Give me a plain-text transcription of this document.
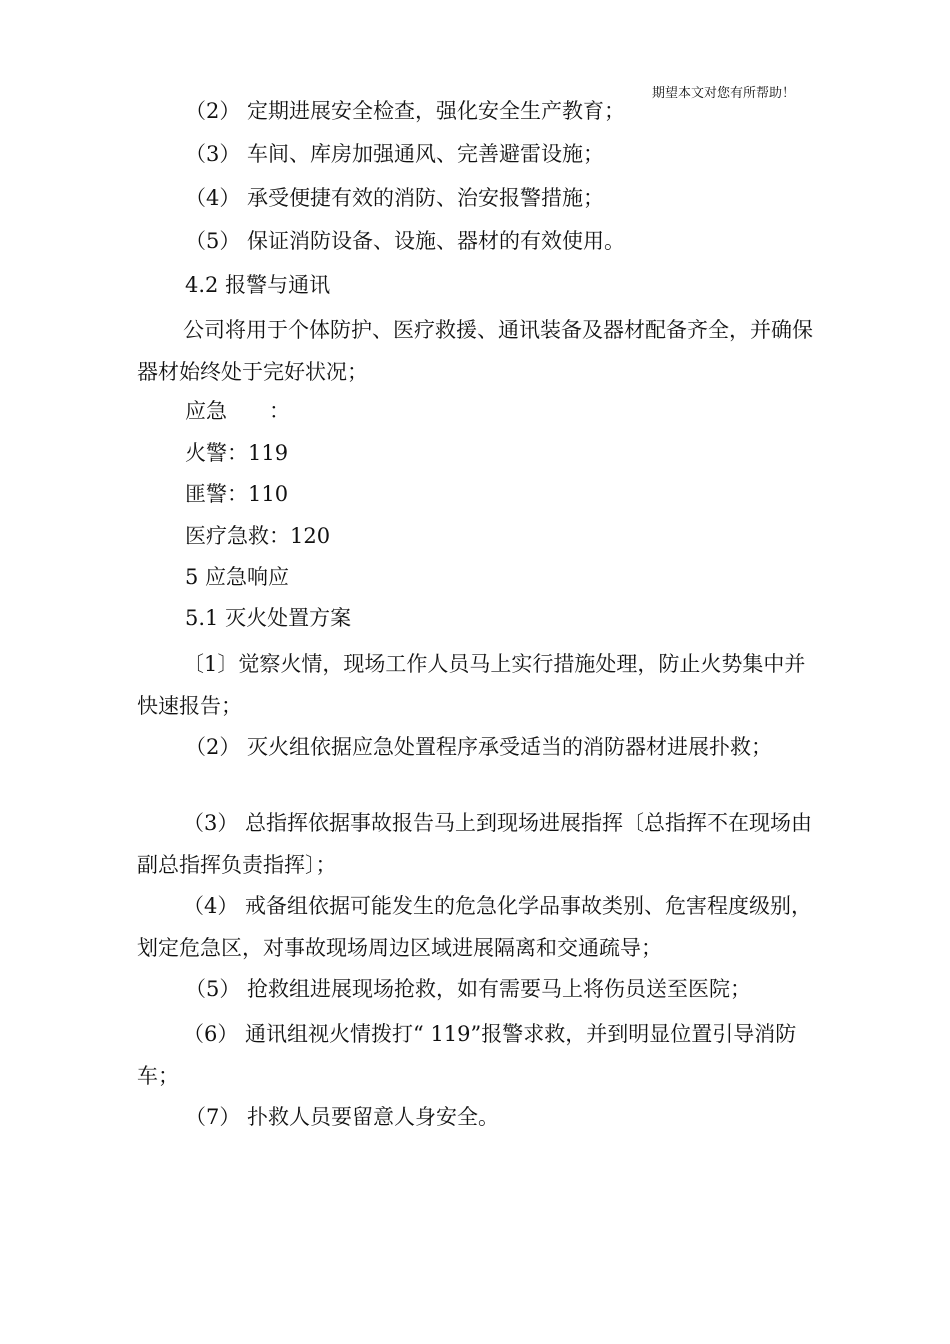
期望本文对您有所帮助！
（2） 定期进展安全检查，强化安全生产教育；
（3） 车间、库房加强通风、完善避雷设施；
（4） 承受便捷有效的消防、治安报警措施；
（5） 保证消防设备、设施、器材的有效使用。
4.2 报警与通讯
公司将用于个体防护、医疗救援、通讯装备及器材配备齐全，并确保器材始终处于完好状况；
应急　　：
火警：119
匪警：110
医疗急救：120
5 应急响应
5.1 灭火处置方案
〔1〕觉察火情，现场工作人员马上实行措施处理，防止火势集中并快速报告；
（2） 灭火组依据应急处置程序承受适当的消防器材进展扑救；
（3） 总指挥依据事故报告马上到现场进展指挥〔总指挥不在现场由副总指挥负责指挥〕；
（4） 戒备组依据可能发生的危急化学品事故类别、危害程度级别，划定危急区，对事故现场周边区域进展隔离和交通疏导；
（5） 抢救组进展现场抢救，如有需要马上将伤员送至医院；
（6） 通讯组视火情拨打“ 119”报警求救，并到明显位置引导消防车；
（7） 扑救人员要留意人身安全。
